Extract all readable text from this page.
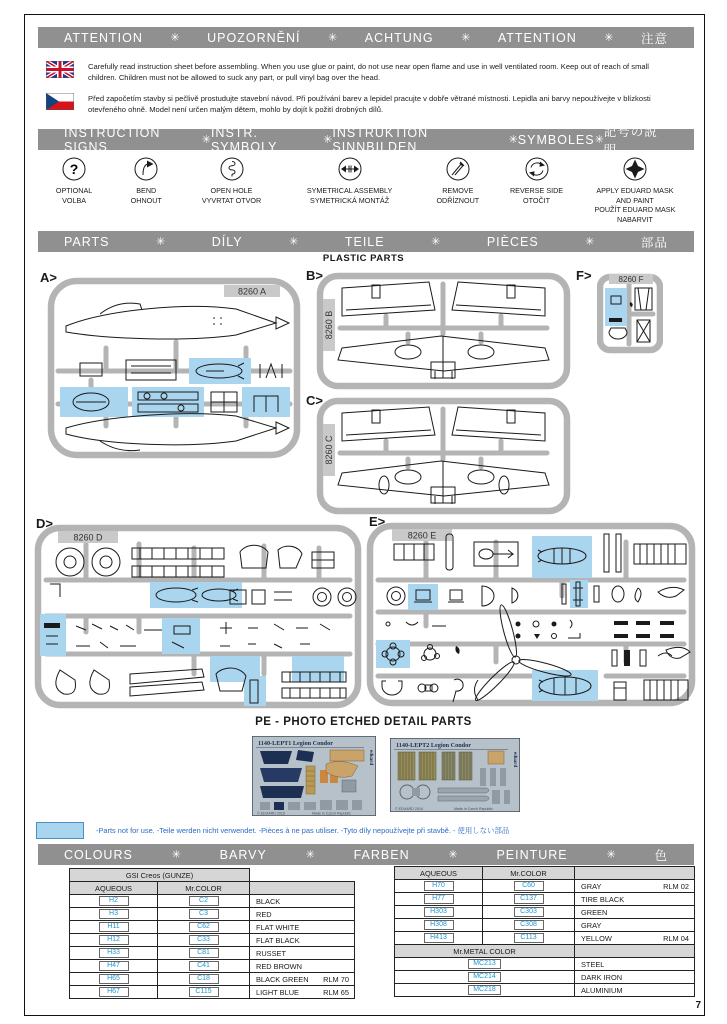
ATTENTION	✳ UPOZORNĚNÍ	✳ ACHTUNG	✳ ATTENTION	✳ 注意
Carefully read instruction sheet before assembling. When you use glue or paint, do not use near open flame and use in well ventilated room. Keep out of reach of small children. Children must not be allowed to suck any part, or pull vinyl bag over the head.
Před započetím stavby si pečlivě prostudujte stavební návod. Při používání barev a lepidel pracujte v dobře větrané místnosti. Lepidla ani barvy nepoužívejte v blízkosti otevřeného ohně. Model není určen malým dětem, mohlo by dojít k požití drobných dílů.
INSTRUCTION SIGNS	✳
INSTR. SYMBOLY	✳
INSTRUKTION SINNBILDEN	✳ SYMBOLES ✳
記号の説明
?
OPTIONAL
VOLBA
BEND
OHNOUT
OPEN HOLE
VYVRTAT OTVOR
SYMETRICAL ASSEMBLY
SYMETRICKÁ MONTÁŽ
REMOVE
ODŘÍZNOUT
REVERSE SIDE
OTOČIT
APPLY EDUARD MASK
AND PAINT
POUŽÍT EDUARD MASK
NABARVIT
PARTS	✳	DÍLY	✳	TEILE	✳	PIÈCES	✳	部品
PLASTIC PARTS
A>	B>
C>
D>	E>
F>
8260 A
8260 B
8260 C
8260 F
8260 D	8260 E
PE - PHOTO ETCHED DETAIL PARTS
1140-LEPT1 Legion Condor
eduard
© EDUARD 2016	Made in Czech Republic
1140-LEPT2 Legion Condor
eduard
© EDUARD 2016	Made in Czech Republic
-Parts not for use. -Teile werden nicht verwendet. -Pièces à ne pas utiliser. -Tyto díly nepoužívejte při stavbě. - 使用しない部品
COLOURS	✳	BARVY	✳	FARBEN	✳	PEINTURE	✳	色
GSI Creos (GUNZE)
AQUEOUS	Mr.COLOR
H2	C2	BLACK
H3	C3	RED
H11	C62	FLAT WHITE
H12	C33	FLAT BLACK
H33	C81	RUSSET
H47	C41	RED BROWN
H65	C18	BLACK GREEN RLM 70
H67	C115	LIGHT BLUE	RLM 65
AQUEOUS	Mr.COLOR
H70	C60	GRAY	RLM 02
H77	C137	TIRE BLACK
H303	C303	GREEN
H308	C308	GRAY
H413	C113	YELLOW	RLM 04
Mr.METAL COLOR
MC213	STEEL
MC214	DARK IRON
MC218	ALUMINIUM
7
